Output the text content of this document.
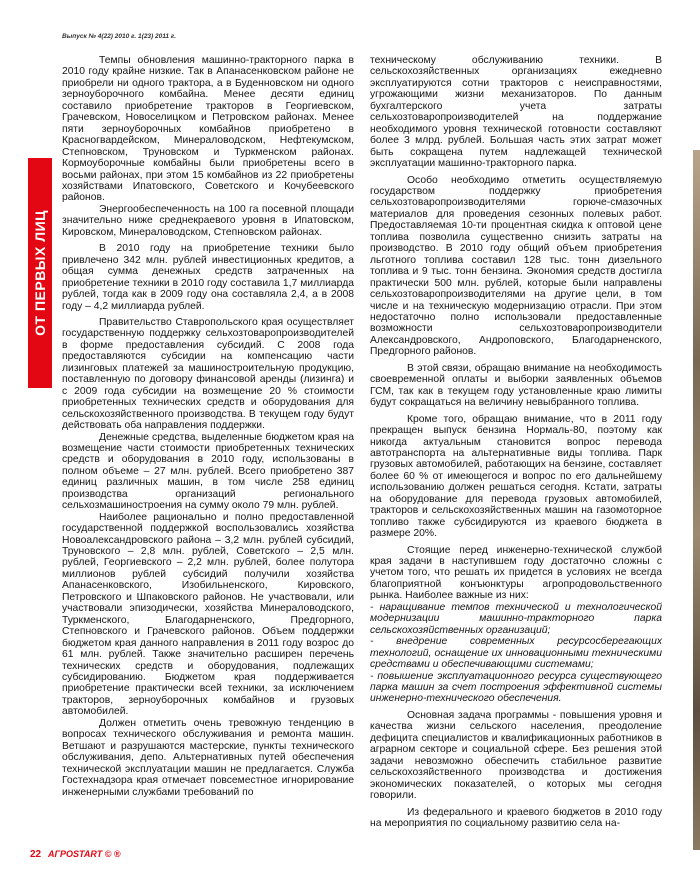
Выпуск № 4(22) 2010 г. 1(23) 2011 г.
ОТ ПЕРВЫХ ЛИЦ

Темпы обновления машинно-тракторного парка в 2010 году крайне низкие. Так в Апанасенковском районе не приобрели ни одного трактора, а в Буденновском ни одного зерноуборочного комбайна. Менее десяти единиц составило приобретение тракторов в Георгиевском, Грачевском, Новоселицком и Петровском районах. Менее пяти зерноуборочных комбайнов приобретено в Красногвардейском, Минераловодском, Нефтекумском, Степновском, Труновском и Туркменском районах. Кормоуборочные комбайны были приобретены всего в восьми районах, при этом 15 комбайнов из 22 приобретены хозяйствами Ипатовского, Советского и Кочубеевского районов.

Энергообеспеченность на 100 га посевной площади значительно ниже среднекраевого уровня в Ипатовском, Кировском, Минераловодском, Степновском районах.

В 2010 году на приобретение техники было привлечено 342 млн. рублей инвестиционных кредитов, а общая сумма денежных средств затраченных на приобретение техники в 2010 году составила 1,7 миллиарда рублей, тогда как в 2009 году она составляла 2,4, а в 2008 году – 4,2 миллиарда рублей.

Правительство Ставропольского края осуществляет государственную поддержку сельхозтоваропроизводителей в форме предоставления субсидий. С 2008 года предоставляются субсидии на компенсацию части лизинговых платежей за машиностроительную продукцию, поставленную по договору финансовой аренды (лизинга) и с 2009 года субсидии на возмещение 20 % стоимости приобретенных технических средств и оборудования для сельскохозяйственного производства. В текущем году будут действовать оба направления поддержки.

Денежные средства, выделенные бюджетом края на возмещение части стоимости приобретенных технических средств и оборудования в 2010 году, использованы в полном объеме – 27 млн. рублей. Всего приобретено 387 единиц различных машин, в том числе 258 единиц производства организаций регионального сельхозмашиностроения на сумму около 79 млн. рублей.

Наиболее рационально и полно предоставленной государственной поддержкой воспользовались хозяйства Новоалександровского района – 3,2 млн. рублей субсидий, Труновского – 2,8 млн. рублей, Советского – 2,5 млн. рублей, Георгиевского – 2,2 млн. рублей, более полутора миллионов рублей субсидий получили хозяйства Апанасенковского, Изобильненского, Кировского, Петровского и Шпаковского районов. Не участвовали, или участвовали эпизодически, хозяйства Минераловодского, Туркменского, Благодарненского, Предгорного, Степновского и Грачевского районов. Объем поддержки бюджетом края данного направления в 2011 году возрос до 61 млн. рублей. Также значительно расширен перечень технических средств и оборудования, подлежащих субсидированию. Бюджетом края поддерживается приобретение практически всей техники, за исключением тракторов, зерноуборочных комбайнов и грузовых автомобилей.

Должен отметить очень тревожную тенденцию в вопросах технического обслуживания и ремонта машин. Ветшают и разрушаются мастерские, пункты технического обслуживания, депо. Альтернативных путей обеспечения технической эксплуатации машин не предлагается. Служба Гостехнадзора края отмечает повсеместное игнорирование инженерными службами требований по

техническому обслуживанию техники. В сельскохозяйственных организациях ежедневно эксплуатируются сотни тракторов с неисправностями, угрожающими жизни механизаторов. По данным бухгалтерского учета затраты сельхозтоваропроизводителей на поддержание необходимого уровня технической готовности составляют более 3 млрд. рублей. Большая часть этих затрат может быть сокращена путем надлежащей технической эксплуатации машинно-тракторного парка.

Особо необходимо отметить осуществляемую государством поддержку приобретения сельхозтоваропроизводителями горюче-смазочных материалов для проведения сезонных полевых работ. Предоставляемая 10-ти процентная скидка к оптовой цене топлива позволила существенно снизить затраты на производство. В 2010 году общий объем приобретения льготного топлива составил 128 тыс. тонн дизельного топлива и 9 тыс. тонн бензина. Экономия средств достигла практически 500 млн. рублей, которые были направлены сельхозтоваропроизводителями на другие цели, в том числе и на техническую модернизацию отрасли. При этом недостаточно полно использовали предоставленные возможности сельхозтоваропроизводители Александровского, Андроповского, Благодарненского, Предгорного районов.

В этой связи, обращаю внимание на необходимость своевременной оплаты и выборки заявленных объемов ГСМ, так как в текущем году установленные краю лимиты будут сокращаться на величину невыбранного топлива.

Кроме того, обращаю внимание, что в 2011 году прекращен выпуск бензина Нормаль-80, поэтому как никогда актуальным становится вопрос перевода автотранспорта на альтернативные виды топлива. Парк грузовых автомобилей, работающих на бензине, составляет более 60 % от имеющегося и вопрос по его дальнейшему использованию должен решаться сегодня. Кстати, затраты на оборудование для перевода грузовых автомобилей, тракторов и сельскохозяйственных машин на газомоторное топливо также субсидируются из краевого бюджета в размере 20%.

Стоящие перед инженерно-технической службой края задачи в наступившем году достаточно сложны с учетом того, что решать их придется в условиях не всегда благоприятной конъюнктуры агропродовольственного рынка. Наиболее важные из них:

- наращивание темпов технической и технологической модернизации машинно-тракторного парка сельскохозяйственных организаций;

- внедрение современных ресурсосберегающих технологий, оснащение их инновационными техническими средствами и обеспечивающими системами;

- повышение эксплуатационного ресурса существующего парка машин за счет построения эффективной системы инженерно-технического обеспечения.

Основная задача программы - повышения уровня и качества жизни сельского населения, преодоление дефицита специалистов и квалификационных работников в аграрном секторе и социальной сфере. Без решения этой задачи невозможно обеспечить стабильное развитие сельскохозяйственного производства и достижения экономических показателей, о которых мы сегодня говорили.

Из федерального и краевого бюджетов в 2010 году на мероприятия по социальному развитию села на-

22 АГРОSTART © ®
